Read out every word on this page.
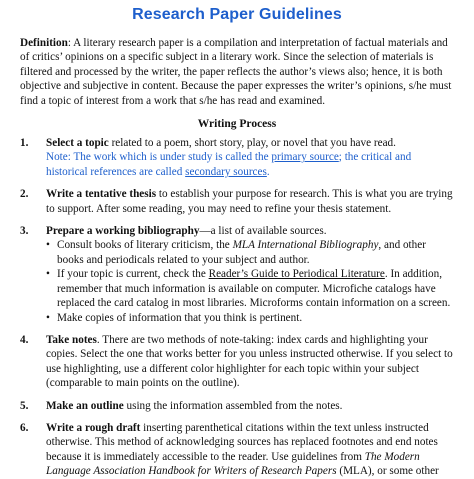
Research Paper Guidelines

Definition: A literary research paper is a compilation and interpretation of factual materials and of critics’ opinions on a specific subject in a literary work. Since the selection of materials is filtered and processed by the writer, the paper reflects the author’s views also; hence, it is both objective and subjective in content. Because the paper expresses the writer’s opinions, s/he must find a topic of interest from a work that s/he has read and examined.

Writing Process
1. Select a topic related to a poem, short story, play, or novel that you have read.
Note: The work which is under study is called the primary source; the critical and historical references are called secondary sources.
2. Write a tentative thesis to establish your purpose for research. This is what you are trying to support. After some reading, you may need to refine your thesis statement.
3. Prepare a working bibliography—a list of available sources.
• Consult books of literary criticism, the MLA International Bibliography, and other books and periodicals related to your subject and author.
• If your topic is current, check the Reader’s Guide to Periodical Literature. In addition, remember that much information is available on computer. Microfiche catalogs have replaced the card catalog in most libraries. Microforms contain information on a screen.
• Make copies of information that you think is pertinent.
4. Take notes. There are two methods of note-taking: index cards and highlighting your copies. Select the one that works better for you unless instructed otherwise. If you select to use highlighting, use a different color highlighter for each topic within your subject (comparable to main points on the outline).
5. Make an outline using the information assembled from the notes.
6. Write a rough draft inserting parenthetical citations within the text unless instructed otherwise. This method of acknowledging sources has replaced footnotes and end notes because it is immediately accessible to the reader. Use guidelines from The Modern Language Association Handbook for Writers of Research Papers (MLA), or some other
